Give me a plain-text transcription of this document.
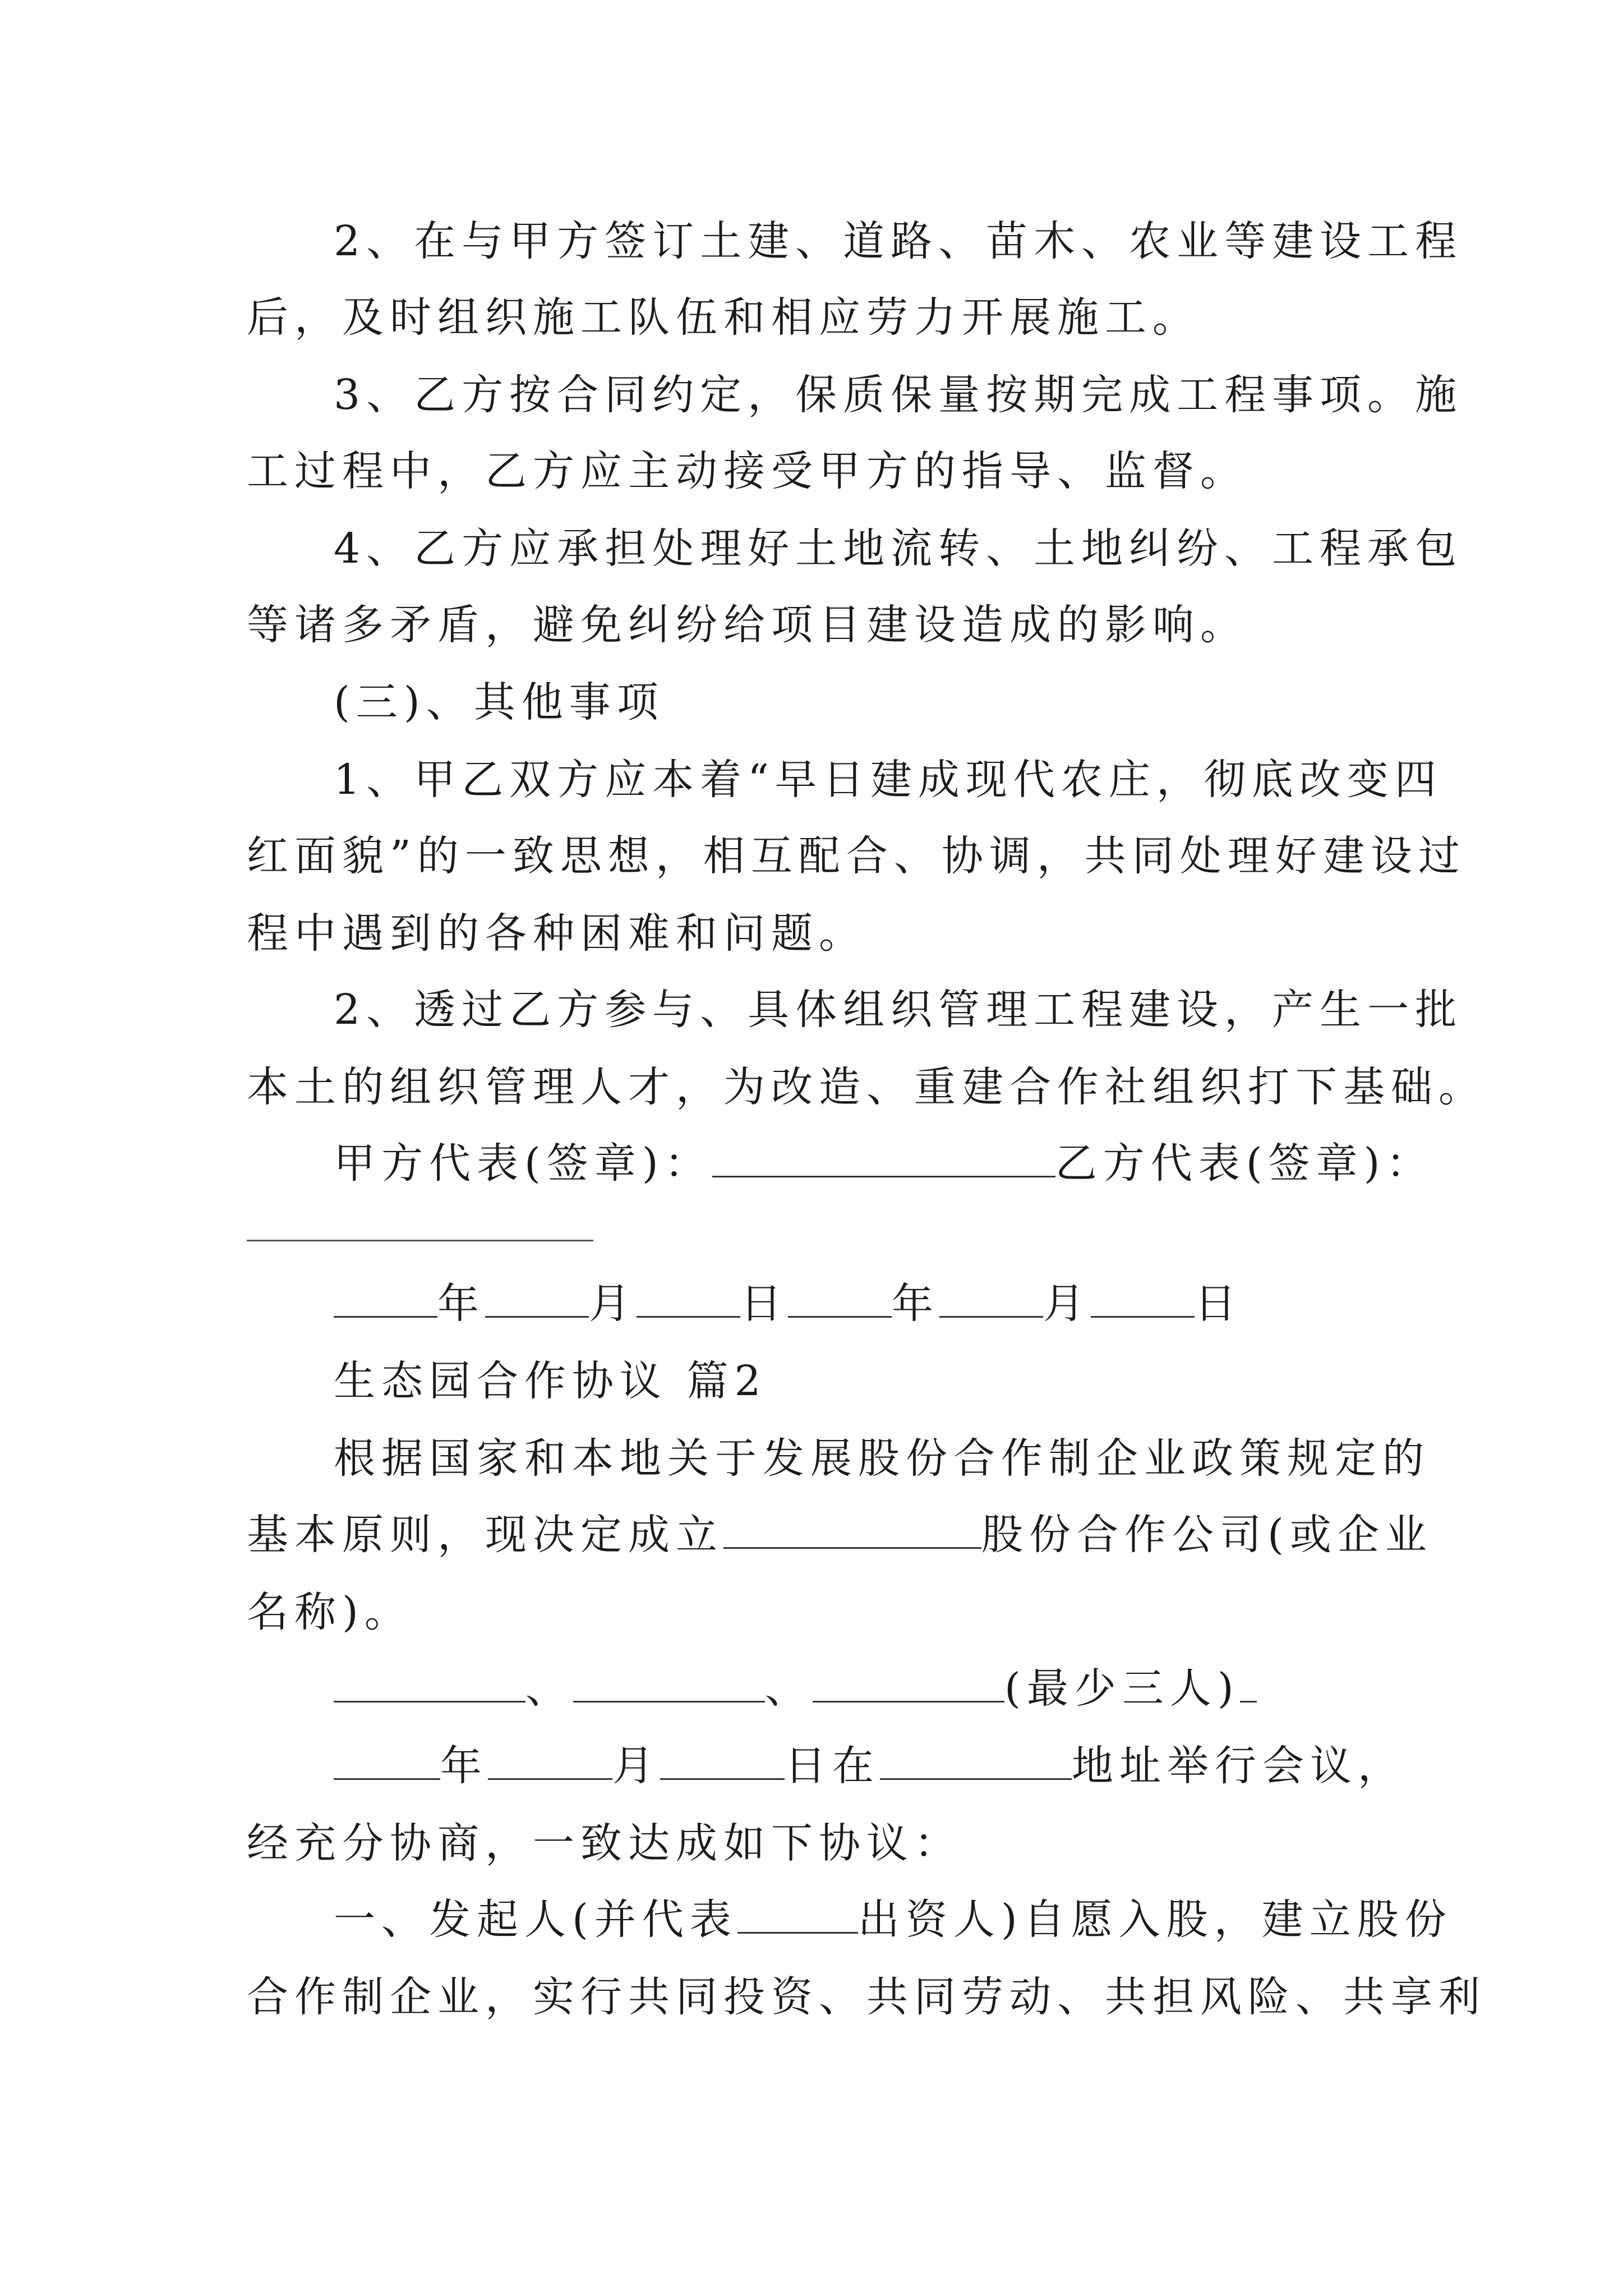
2、在与甲方签订土建、道路、苗木、农业等建设工程
后，及时组织施工队伍和相应劳力开展施工。
3、乙方按合同约定，保质保量按期完成工程事项。施
工过程中，乙方应主动接受甲方的指导、监督。
4、乙方应承担处理好土地流转、土地纠纷、工程承包
等诸多矛盾，避免纠纷给项目建设造成的影响。
(三)、其他事项
1、甲乙双方应本着“早日建成现代农庄，彻底改变四
红面貌”的一致思想，相互配合、协调，共同处理好建设过
程中遇到的各种困难和问题。
2、透过乙方参与、具体组织管理工程建设，产生一批
本土的组织管理人才，为改造、重建合作社组织打下基础。
甲方代表(签章)：	乙方代表(签章)：
年	月	日	年	月	日
生态园合作协议 篇2
根据国家和本地关于发展股份合作制企业政策规定的
基本原则，现决定成立	股份合作公司(或企业
名称)。
、	、	(最少三人)
年	月	日在	地址举行会议，
经充分协商，一致达成如下协议：
一、发起人(并代表	出资人)自愿入股，建立股份
合作制企业，实行共同投资、共同劳动、共担风险、共享利
